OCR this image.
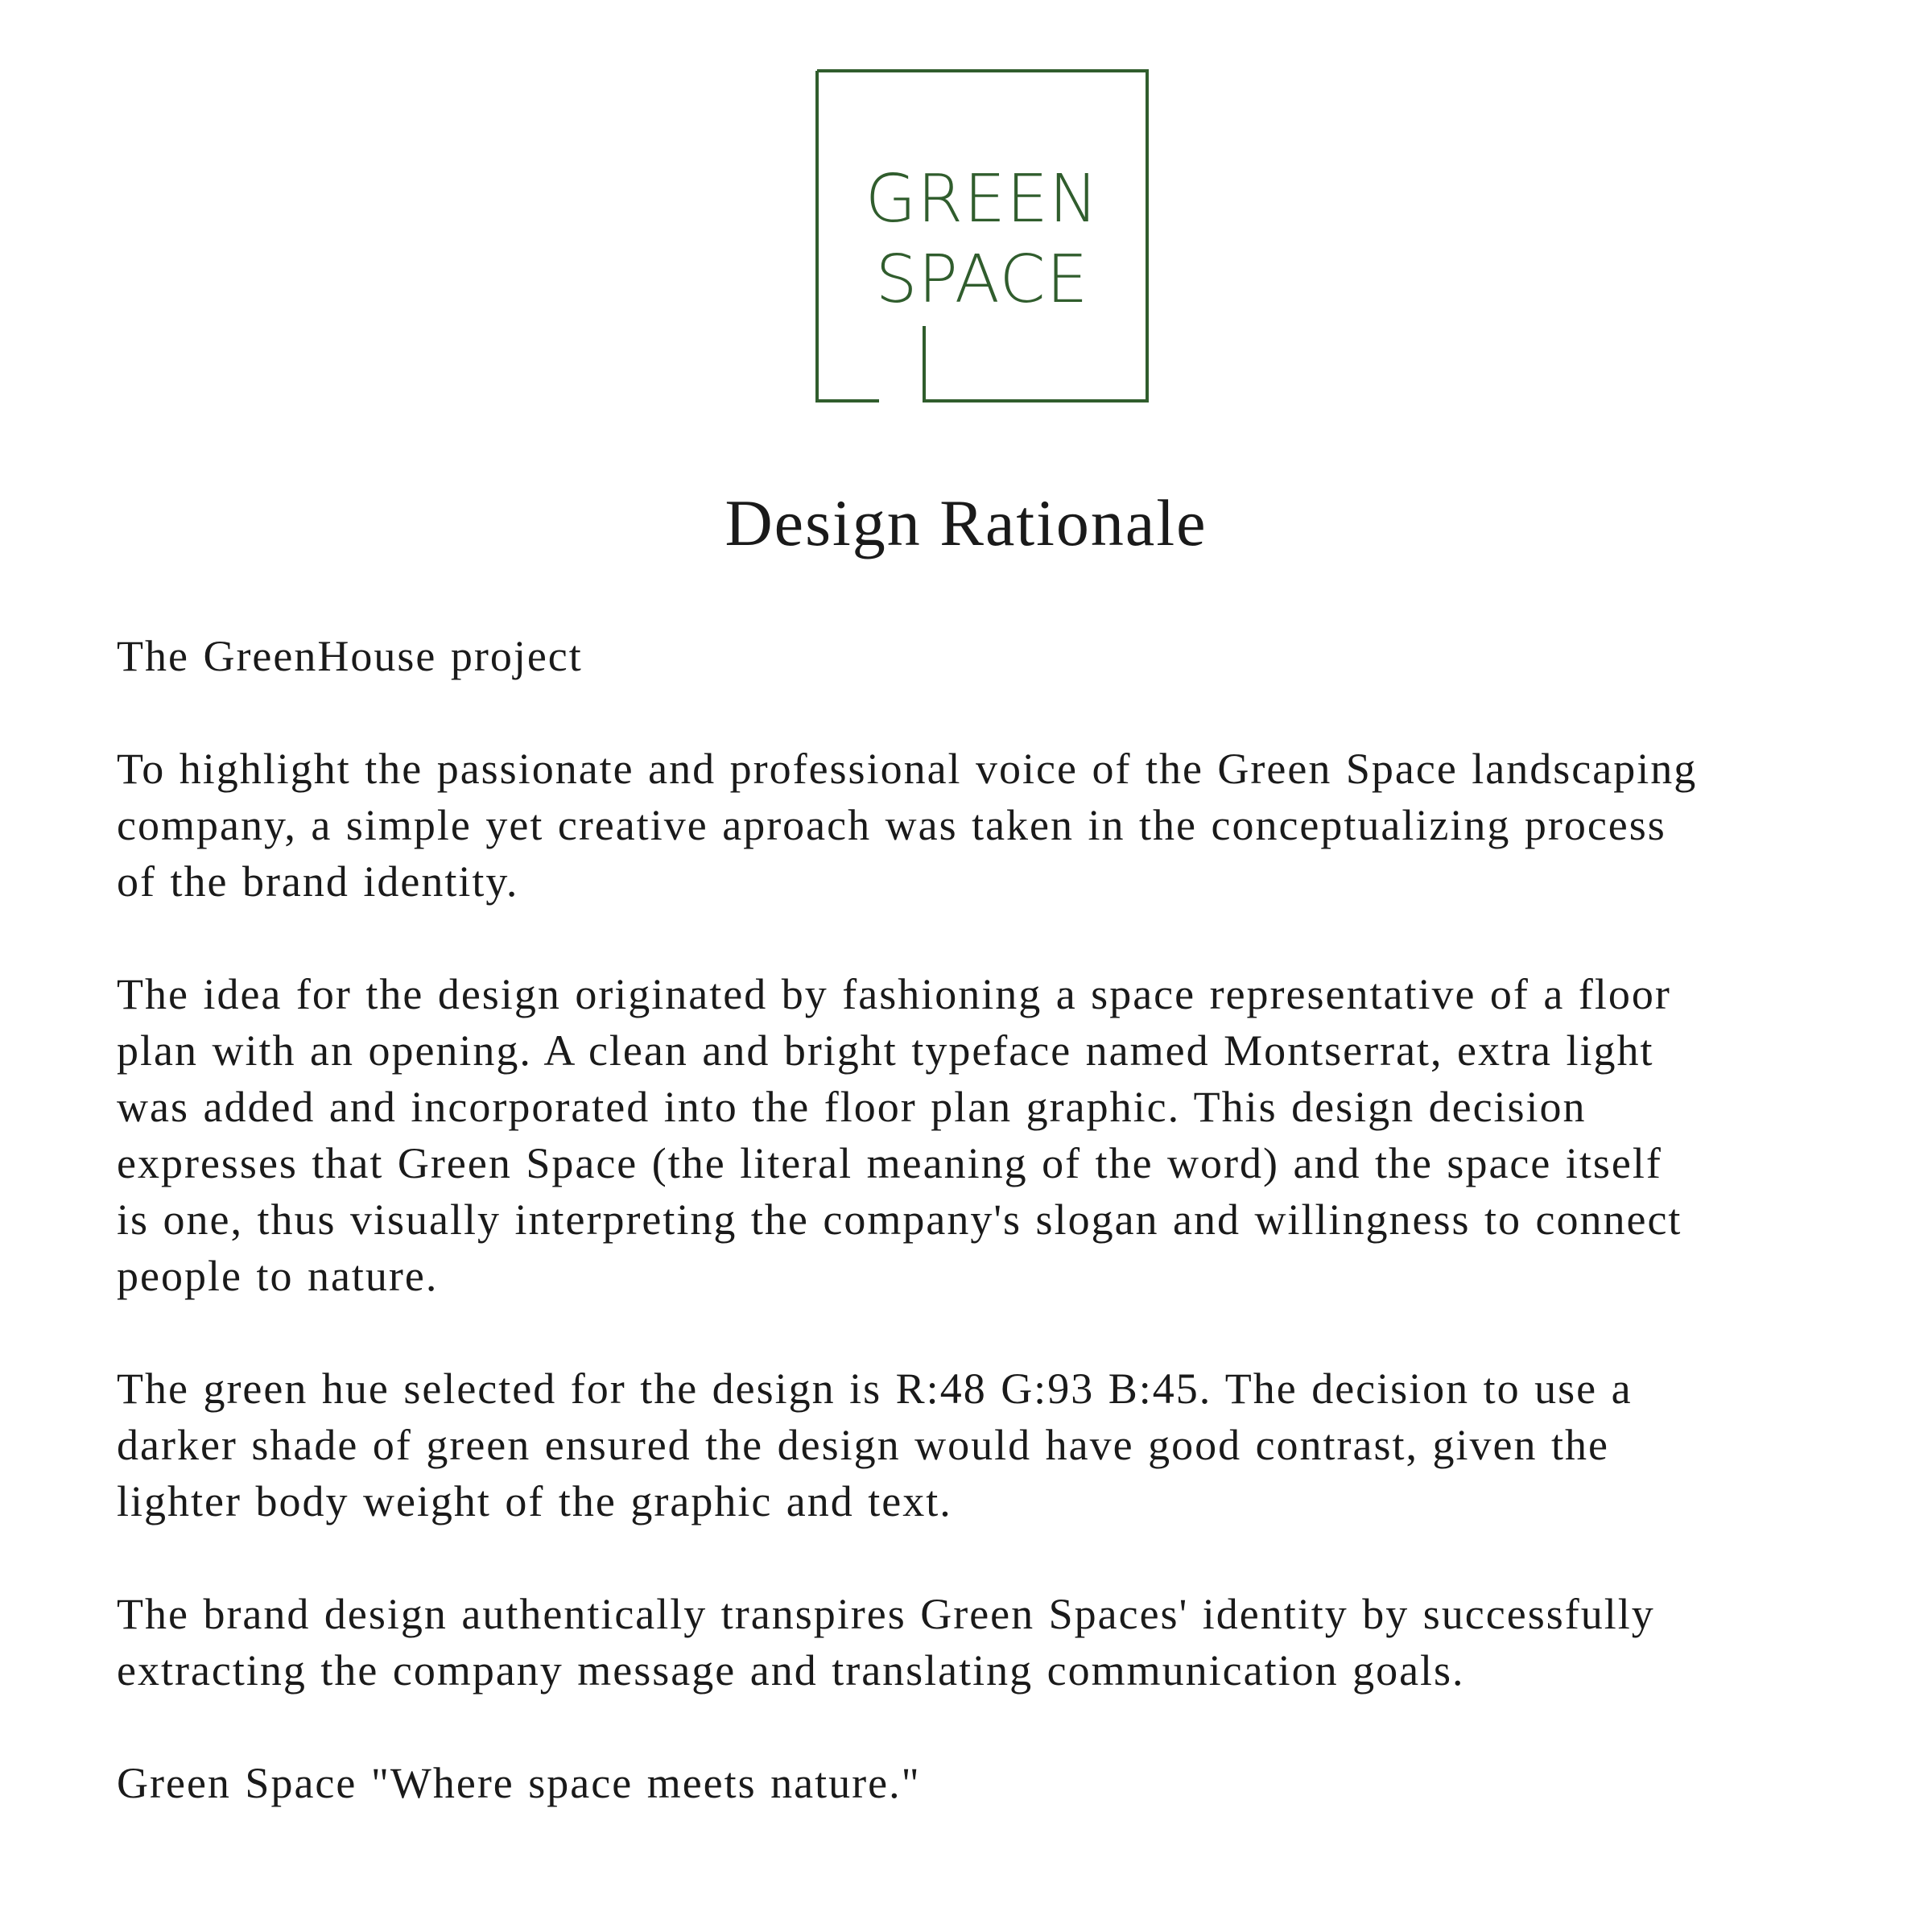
GREEN
SPACE
Design Rationale

The GreenHouse project

To highlight the passionate and professional voice of the Green Space landscaping
company, a simple yet creative aproach was taken in the conceptualizing process
of the brand identity.

The idea for the design originated by fashioning a space representative of a floor
plan with an opening. A clean and bright typeface named Montserrat, extra light
was added and incorporated into the floor plan graphic. This design decision
expresses that Green Space (the literal meaning of the word) and the space itself
is one, thus visually interpreting the company's slogan and willingness to connect
people to nature.

The green hue selected for the design is R:48 G:93 B:45. The decision to use a
darker shade of green ensured the design would have good contrast, given the
lighter body weight of the graphic and text.

The brand design authentically transpires Green Spaces' identity by successfully
extracting the company message and translating communication goals.

Green Space "Where space meets nature."
